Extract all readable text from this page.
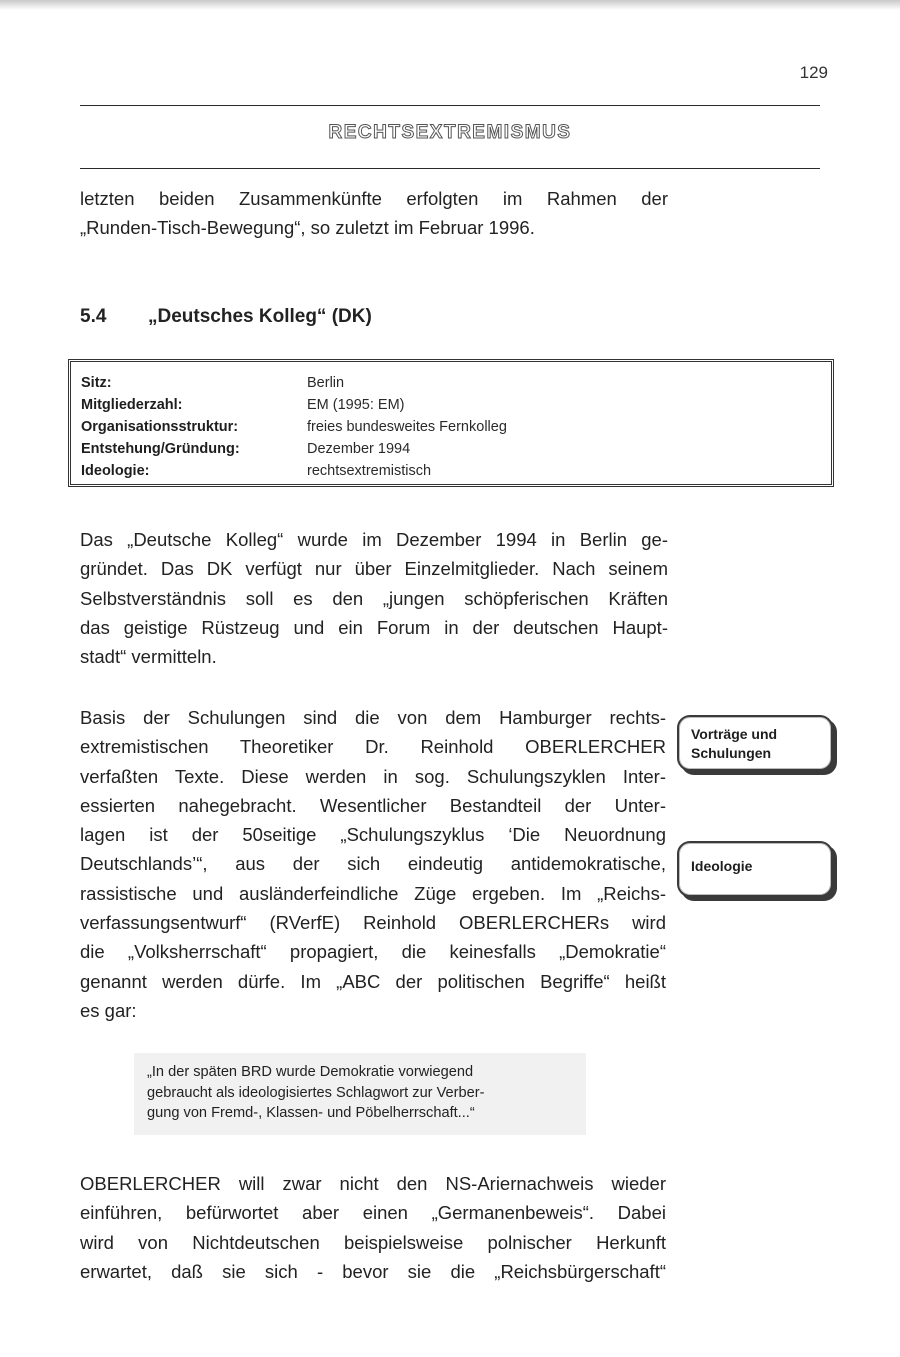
129
RECHTSEXTREMISMUS
letzten beiden Zusammenkünfte erfolgten im Rahmen der
„Runden-Tisch-Bewegung“, so zuletzt im Februar 1996.
5.4 „Deutsches Kolleg“ (DK)
Sitz:	Berlin
Mitgliederzahl:	EM (1995: EM)
Organisationsstruktur:	freies bundesweites Fernkolleg
Entstehung/Gründung:	Dezember 1994
Ideologie:	rechtsextremistisch
Das „Deutsche Kolleg“ wurde im Dezember 1994 in Berlin ge-
gründet. Das DK verfügt nur über Einzelmitglieder. Nach seinem
Selbstverständnis soll es den „jungen schöpferischen Kräften
das geistige Rüstzeug und ein Forum in der deutschen Haupt-
stadt“ vermitteln.
Basis der Schulungen sind die von dem Hamburger rechts-
extremistischen Theoretiker Dr. Reinhold OBERLERCHER
verfaßten Texte. Diese werden in sog. Schulungszyklen Inter-
essierten nahegebracht. Wesentlicher Bestandteil der Unter-
lagen ist der 50seitige „Schulungszyklus ‘Die Neuordnung
Deutschlands’“, aus der sich eindeutig antidemokratische,
rassistische und ausländerfeindliche Züge ergeben. Im „Reichs-
verfassungsentwurf“ (RVerfE) Reinhold OBERLERCHERs wird
die „Volksherrschaft“ propagiert, die keinesfalls „Demokratie“
genannt werden dürfe. Im „ABC der politischen Begriffe“ heißt
es gar:
Vorträge und
Schulungen
Ideologie

„In der späten BRD wurde Demokratie vorwiegend

gebraucht als ideologisiertes Schlagwort zur Verber-

gung von Fremd-, Klassen- und Pöbelherrschaft...“

OBERLERCHER will zwar nicht den NS-Ariernachweis wieder
einführen, befürwortet aber einen „Germanenbeweis“. Dabei
wird von Nichtdeutschen beispielsweise polnischer Herkunft
erwartet, daß sie sich - bevor sie die „Reichsbürgerschaft“
